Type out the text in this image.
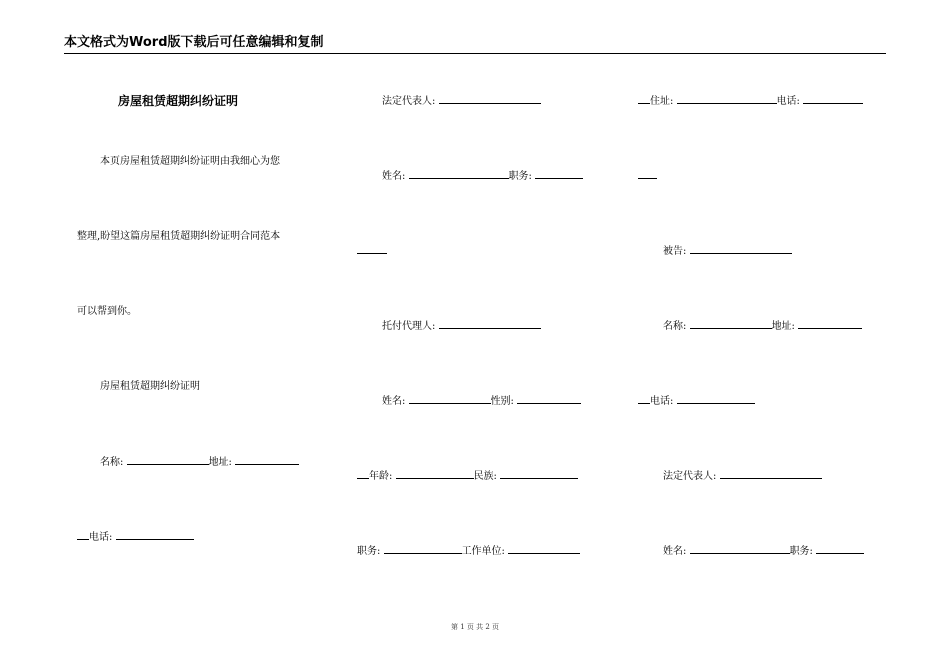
本文格式为Word版下载后可任意编辑和复制
房屋租赁超期纠纷证明
本页房屋租赁超期纠纷证明由我细心为您
整理,盼望这篇房屋租赁超期纠纷证明合同范本
可以帮到你。
房屋租赁超期纠纷证明
名称:	地址:
电话:
法定代表人:
姓名:	职务:
托付代理人:
姓名:	性别:
年龄:	民族:
职务:	工作单位:
住址:	电话:
被告:
名称:	地址:
电话:
法定代表人:
姓名:	职务:
第 1 页 共 2 页
